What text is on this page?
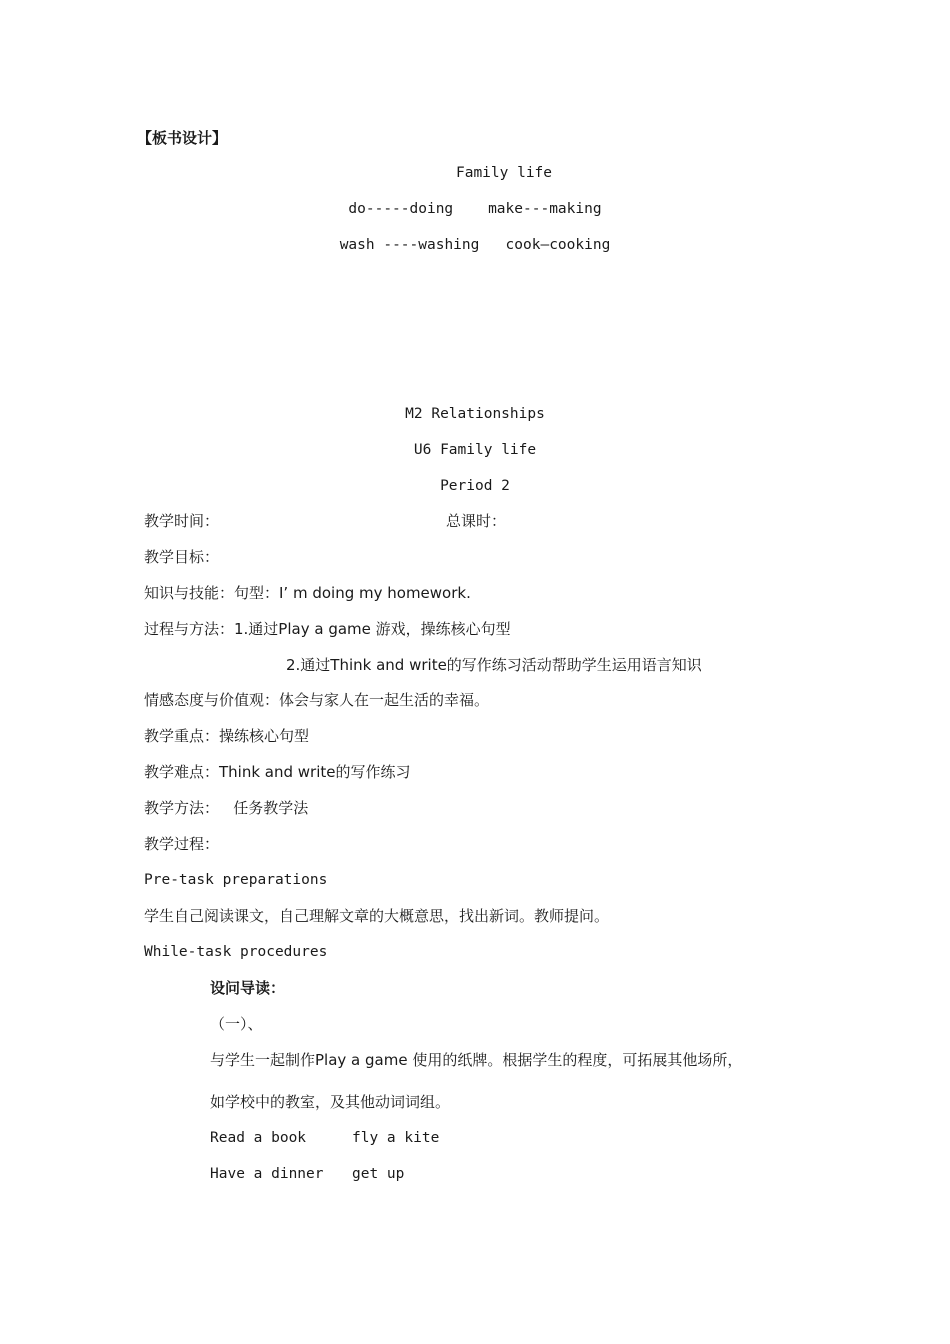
【板书设计】
Family life
do-----doing    make---making
wash ----washing   cook—cooking
M2 Relationships
U6 Family life
Period 2
教学时间：	总课时：
教学目标：
知识与技能：句型：I’ m doing my homework.
过程与方法：1.通过Play a game 游戏，操练核心句型
2.通过Think and write的写作练习活动帮助学生运用语言知识
情感态度与价值观：体会与家人在一起生活的幸福。
教学重点：操练核心句型
教学难点：Think and write的写作练习
教学方法：   任务教学法
教学过程：
Pre-task preparations
学生自己阅读课文，自己理解文章的大概意思，找出新词。教师提问。
While-task procedures
设问导读：
（一）、
与学生一起制作Play a game 使用的纸牌。根据学生的程度，可拓展其他场所，
如学校中的教室，及其他动词词组。
Read a book	fly a kite
Have a dinner get up
